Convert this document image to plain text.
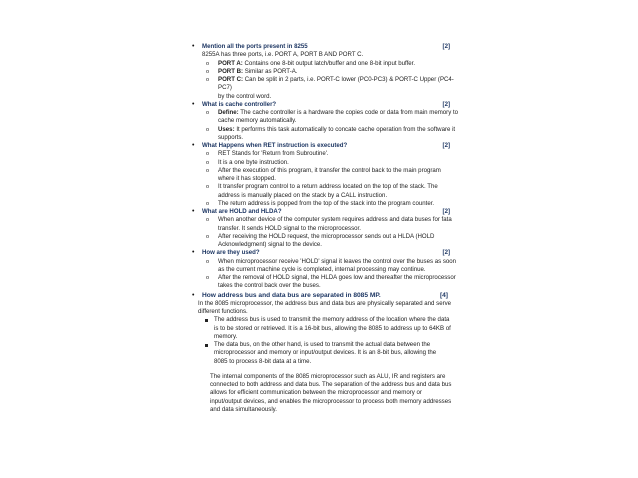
• Mention all the ports present in 8255	[2]
8255A has three ports, i.e. PORT A, PORT B AND PORT C.
o PORT A: Contains one 8-bit output latch/buffer and one 8-bit input buffer.
o PORT B: Similar as PORT-A.
o PORT C: Can be split in 2 parts, i.e. PORT-C lower (PC0-PC3) & PORT-C Upper (PC4-PC7)
by the control word.
• What is cache controller?	[2]
o Define: The cache controller is a hardware the copies code or data from main memory to
cache memory automatically.
o Uses: It performs this task automatically to concate cache operation from the software it
supports.
• What Happens when RET instruction is executed?	[2]
o RET Stands for 'Return from Subroutine'.
o It is a one byte instruction.
o After the execution of this program, it transfer the control back to the main program
where it has stopped.
o It transfer program control to a return address located on the top of the stack. The
address is manually placed on the stack by a CALL instruction.
o The return address is popped from the top of the stack into the program counter.
• What are HOLD and HLDA?	[2]
o When another device of the computer system requires address and data buses for fata
transfer. It sends HOLD signal to the microprocessor.
o After receiving the HOLD request, the microprocessor sends out a HLDA (HOLD
Acknowledgment) signal to the device.
• How are they used?	[2]
o When microprocessor receive 'HOLD' signal it leaves the control over the buses as soon
as the current machine cycle is completed, internal processing may continue.
o After the removal of HOLD signal, the HLDA goes low and thereafter the microprocessor
takes the control back over the buses.
• How address bus and data bus are separated in 8085 MP.	[4]
In the 8085 microprocessor, the address bus and data bus are physically separated and serve
different functions.
The address bus is used to transmit the memory address of the location where the data
is to be stored or retrieved. It is a 16-bit bus, allowing the 8085 to address up to 64KB of
memory.
The data bus, on the other hand, is used to transmit the actual data between the
microprocessor and memory or input/output devices. It is an 8-bit bus, allowing the
8085 to process 8-bit data at a time.
The internal components of the 8085 microprocessor such as ALU, IR and registers are
connected to both address and data bus. The separation of the address bus and data bus
allows for efficient communication between the microprocessor and memory or
input/output devices, and enables the microprocessor to process both memory addresses
and data simultaneously.
